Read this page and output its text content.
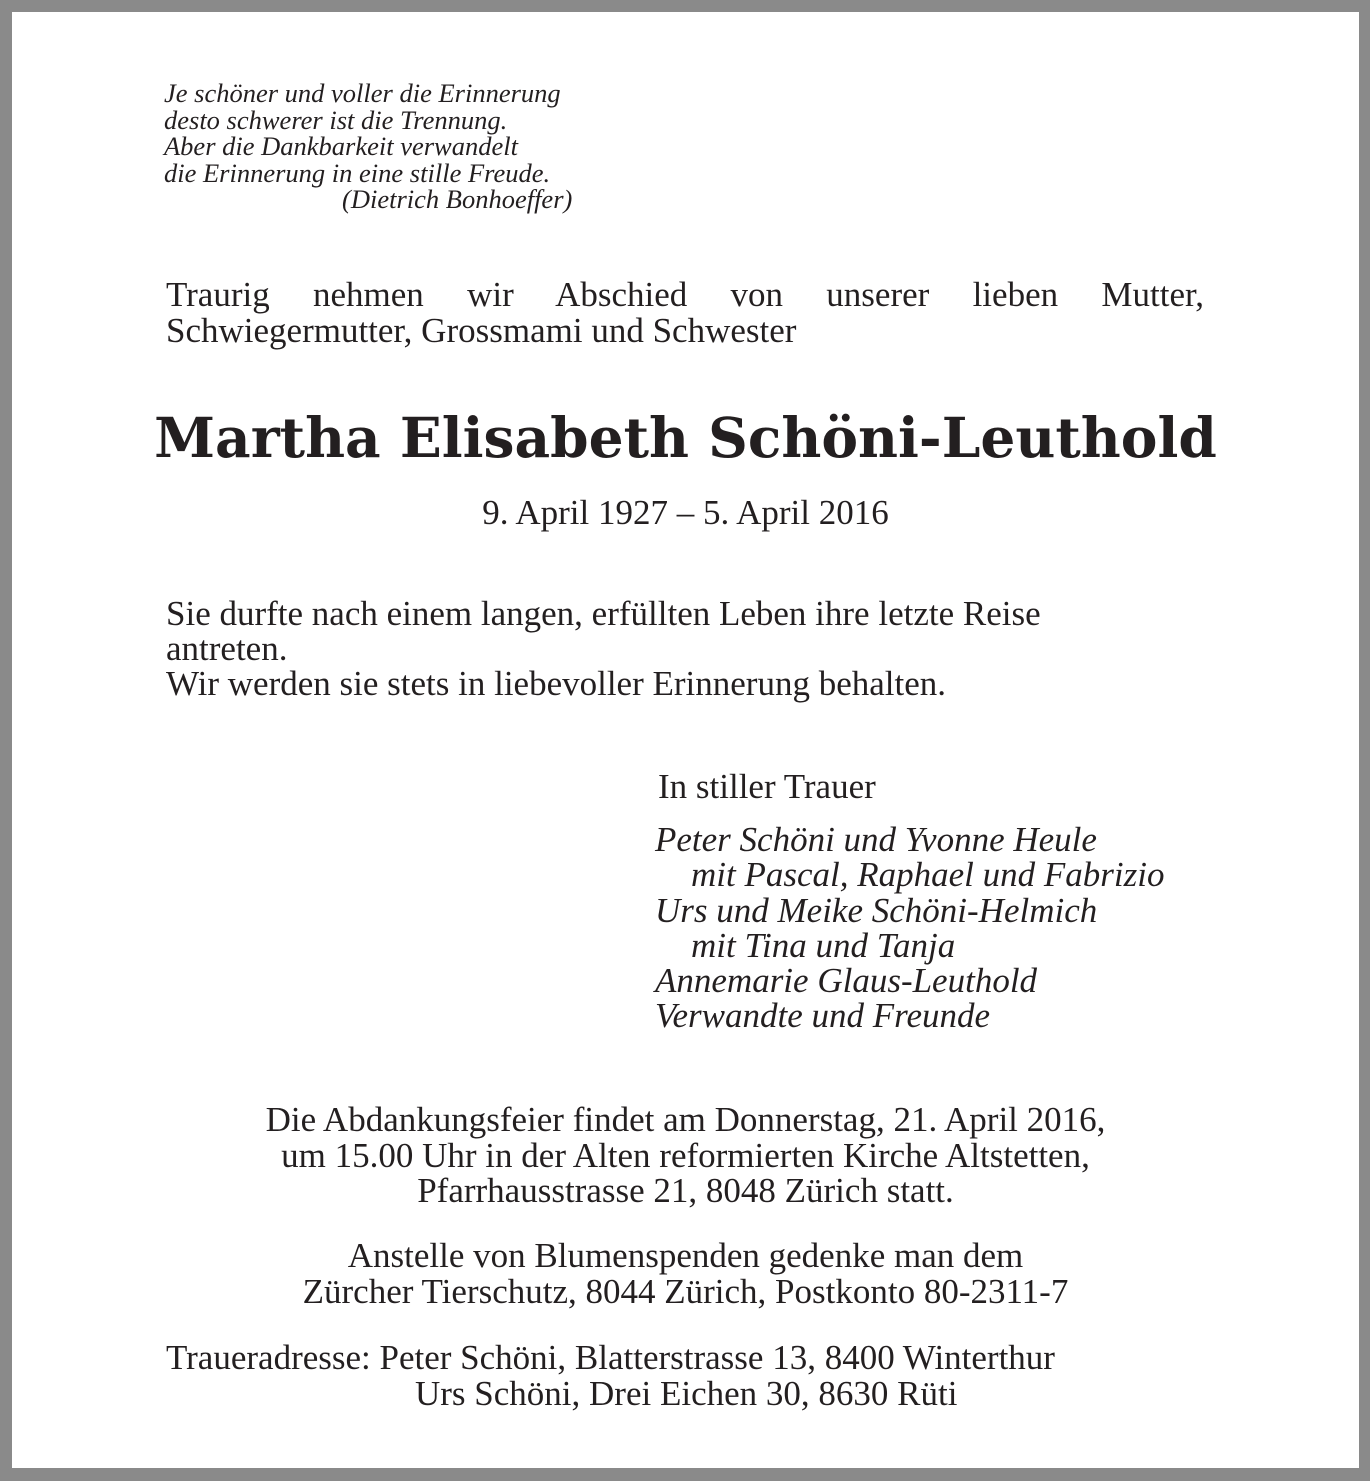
Je schöner und voller die Erinnerung
desto schwerer ist die Trennung.
Aber die Dankbarkeit verwandelt
die Erinnerung in eine stille Freude.
(Dietrich Bonhoeffer)
Traurig nehmen wir Abschied von unserer lieben Mutter,
Schwiegermutter, Grossmami und Schwester
Martha Elisabeth Schöni-Leuthold
9. April 1927 – 5. April 2016
Sie durfte nach einem langen, erfüllten Leben ihre letzte Reise
antreten.
Wir werden sie stets in liebevoller Erinnerung behalten.
In stiller Trauer
Peter Schöni und Yvonne Heule
mit Pascal, Raphael und Fabrizio
Urs und Meike Schöni-Helmich
mit Tina und Tanja
Annemarie Glaus-Leuthold
Verwandte und Freunde
Die Abdankungsfeier findet am Donnerstag, 21. April 2016,
um 15.00 Uhr in der Alten reformierten Kirche Altstetten,
Pfarrhausstrasse 21, 8048 Zürich statt.
Anstelle von Blumenspenden gedenke man dem
Zürcher Tierschutz, 8044 Zürich, Postkonto 80-2311-7
Traueradresse: Peter Schöni, Blatterstrasse 13, 8400 Winterthur
Urs Schöni, Drei Eichen 30, 8630 Rüti
